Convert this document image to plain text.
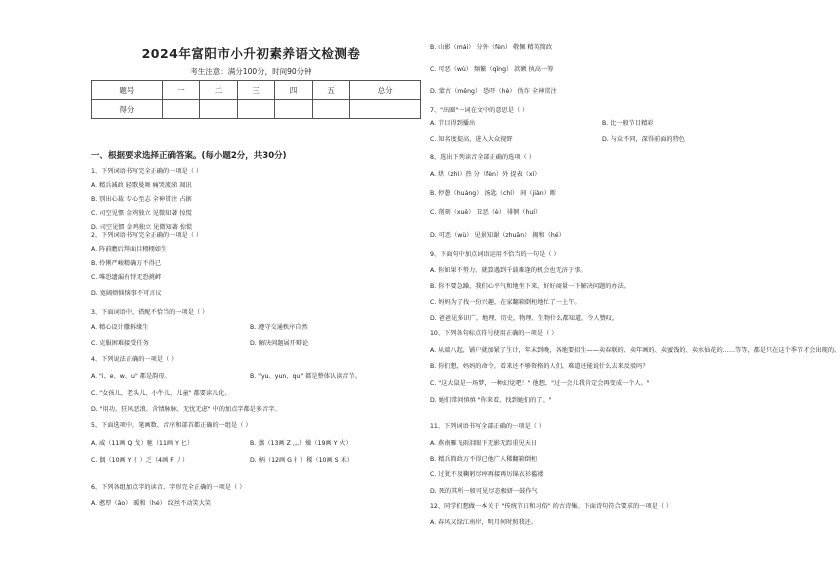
2024年富阳市小升初素养语文检测卷
考生注意：满分100分，时间90分钟
题号	一	二	三	四	五	总分
得分						
一、根据要求选择正确答案。(每小题2分，共30分)
1、下列词语书写完全正确的一项是（ ）
A. 精兵减政 轻歌曼舞 痛哭流涕 凋讯
B. 别出心裁 专心至志 全神贯注 占据
C. 司空见惯 金鸡独立 见微知著 惊慌
D. 司空见惯 金鸡独立 见微知著 惊慌
2、下列词语书写完全正确的一项是（ ）
A. 阵前瞻后拜面目栩栩如生
B. 伶俐严峻精确万不得已
C. 唯恐遗漏有恃无恐挑衅
D. 宽阔烦恼恼事不可言议
3、下面词语中，搭配不恰当的一项是（ ）
A. 精心设计撒拆缘生	B. 遵守交通秩序自然
C. 克服困难接受任务	D. 解决问题展开辩论
4、下列说法正确的一项是（ ）
A. "i、e、w、u" 都是韵母。	B. "yu、yun、qu" 都是整体认读音节。
C. "女孩儿、老头儿、小牛儿、儿童" 都要读儿化。
D. "用功、狂风恶浪、含情脉脉、无忧无虑" 中的加点字都是多音字。
5、下面选项中，笔画数、音序和部首都正确的一组是（ ）
A. 威（11画 Q 戈）驰（11画 Y 匕）	B. 蒸（13画 Z 灬）燥（19画 Y 火）
C. 偶（10画 Y 亻）乏（4画 F 丿）	D. 柄（12画 G 扌）稀（10画 S 禾）
6、下列各组加点字的读音、字形完全正确的一项是（ ）
A. 憨厚（āo） 暖和（hé） 纹丝不动笑大笑
B. 山影（mái） 分外（fèn） 敬佩 精英简政
C. 可恶（wù） 频繁（qīng） 款额 执高一筹
D. 蒙古（měng） 恐吓（hè） 伪诈 全神贯注
7、"出圈"一词在文中的意思是（ ）
A. 节目得到播出	B. 比一般节目精彩
C. 知名度提高，进入大众视野	D. 与众不同，深得前面的特色
8、选出下列读音全部正确的选项（ ）
A. 烘（zhì）热 分（fèn）外 提表（xí）
B. 停憩（huáng） 汤匙（chí） 间（jiàn）断
C. 削刻（xuē） 丑恶（è） 徘徊（huí）
D. 可恶（wù） 见景知谢（zhuān） 揭和（hé）
9、下面句中加点词语运用不恰当的一句是（ ）
A. 你如果不努力，就算遇到千载难逢的机会也无济于事。
B. 你不要急躁，我们心平气和地坐下来，好好商量一下解决问题的办法。
C. 妈妈为了找一份兴趣，在家翻箱倒柜地忙了一上午。
D. 爸爸见多识广，地理、历史、物理、生物什么都知道，令人赞叹。
10、下列各句标点符号使用正确的一项是（ ）
A. 从端八起，铺户就加紧了生计，年末到晚，各地要招生——卖春联的、卖年画的、卖蜜饯的、卖水仙花的……等等，都是只在这个季节才会出现的。
B. 你们想，妈妈的命令，看来还不够资格的人们，难道还能说什么去来反驳吗？
C. "这大鼠是一场梦，一种幻觉吧！" 他想，"过一会儿我肯定会再变成一个人。"
D. 她们常问慎慎 "你来看，找到她们的了。"
11、下列词语书写全部正确的一项是（ ）
A. 燕南雁飞雨泪眼下无影无踪重见天日
B. 精兵简政万不得已他广人稀翻箱倒柜
C. 过犹不及鞠躬尽瘁再接再厉锦衣衫褴褛
D. 死的其所一般可见尽态极妍一鼓作气
12、同学们想做一本关于 "传统节日和习俗" 的古诗集。下面诗句符合要求的一项是（ ）
A. 春风又绿江南岸，明月何时照我还。
